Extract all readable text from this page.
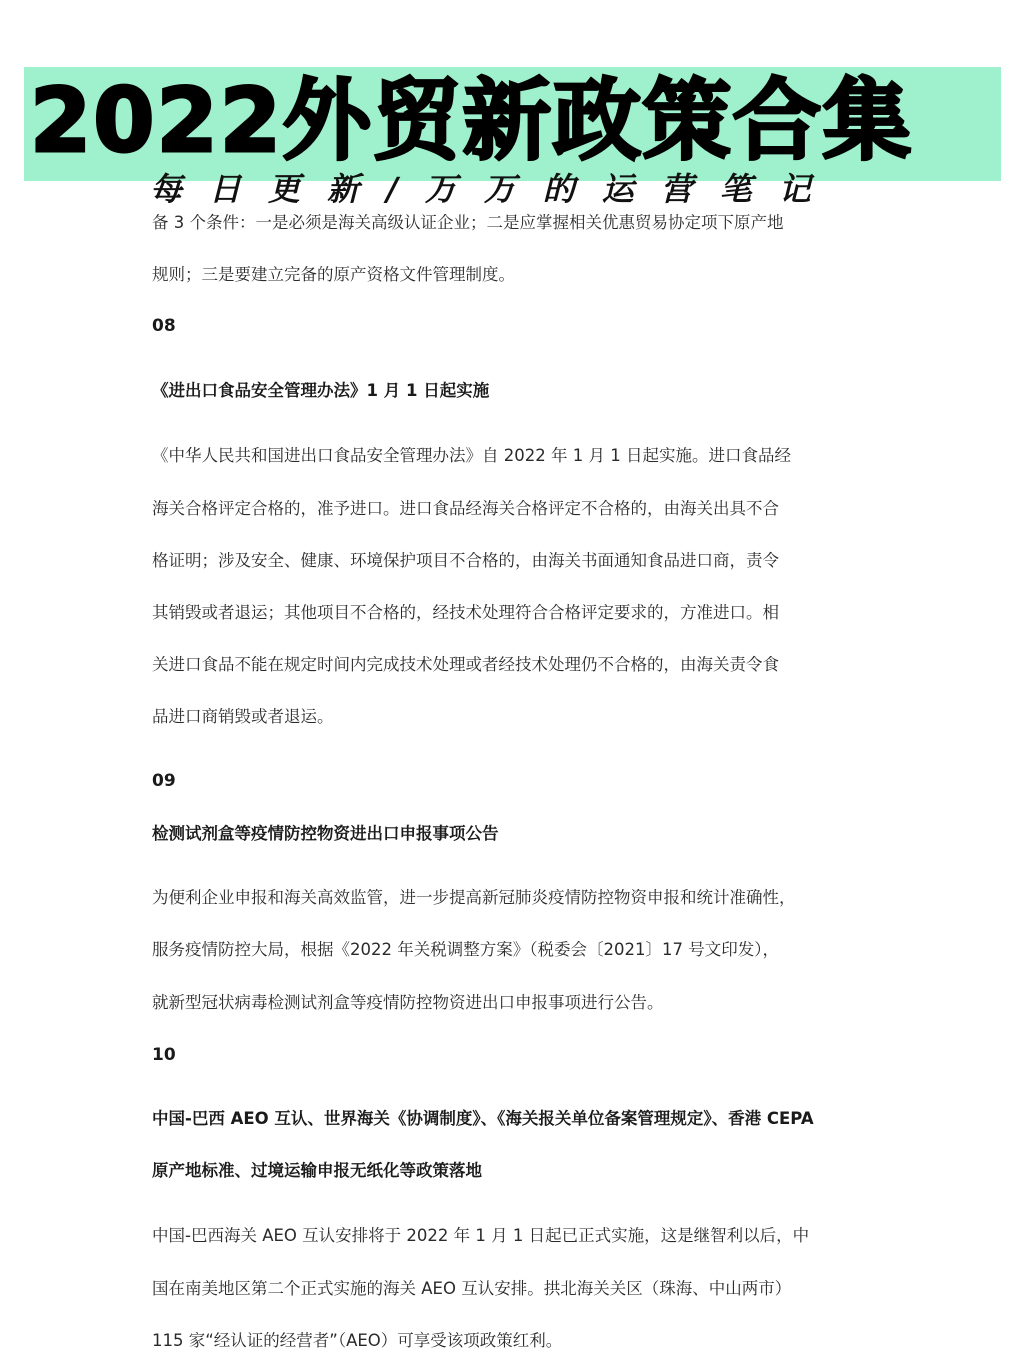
2022外贸新政策合集
每日更新/万万的运营笔记
备 3 个条件：一是必须是海关高级认证企业；二是应掌握相关优惠贸易协定项下原产地
规则；三是要建立完备的原产资格文件管理制度。
08
《进出口食品安全管理办法》1 月 1 日起实施
《中华人民共和国进出口食品安全管理办法》自 2022 年 1 月 1 日起实施。进口食品经
海关合格评定合格的，准予进口。进口食品经海关合格评定不合格的，由海关出具不合
格证明；涉及安全、健康、环境保护项目不合格的，由海关书面通知食品进口商，责令
其销毁或者退运；其他项目不合格的，经技术处理符合合格评定要求的，方准进口。相
关进口食品不能在规定时间内完成技术处理或者经技术处理仍不合格的，由海关责令食
品进口商销毁或者退运。
09
检测试剂盒等疫情防控物资进出口申报事项公告
为便利企业申报和海关高效监管，进一步提高新冠肺炎疫情防控物资申报和统计准确性，
服务疫情防控大局，根据《2022 年关税调整方案》（税委会〔2021〕17 号文印发），
就新型冠状病毒检测试剂盒等疫情防控物资进出口申报事项进行公告。
10
中国-巴西 AEO 互认、世界海关《协调制度》、《海关报关单位备案管理规定》、香港 CEPA
原产地标准、过境运输申报无纸化等政策落地
中国-巴西海关 AEO 互认安排将于 2022 年 1 月 1 日起已正式实施，这是继智利以后，中
国在南美地区第二个正式实施的海关 AEO 互认安排。拱北海关关区（珠海、中山两市）
115 家“经认证的经营者”（AEO）可享受该项政策红利。
